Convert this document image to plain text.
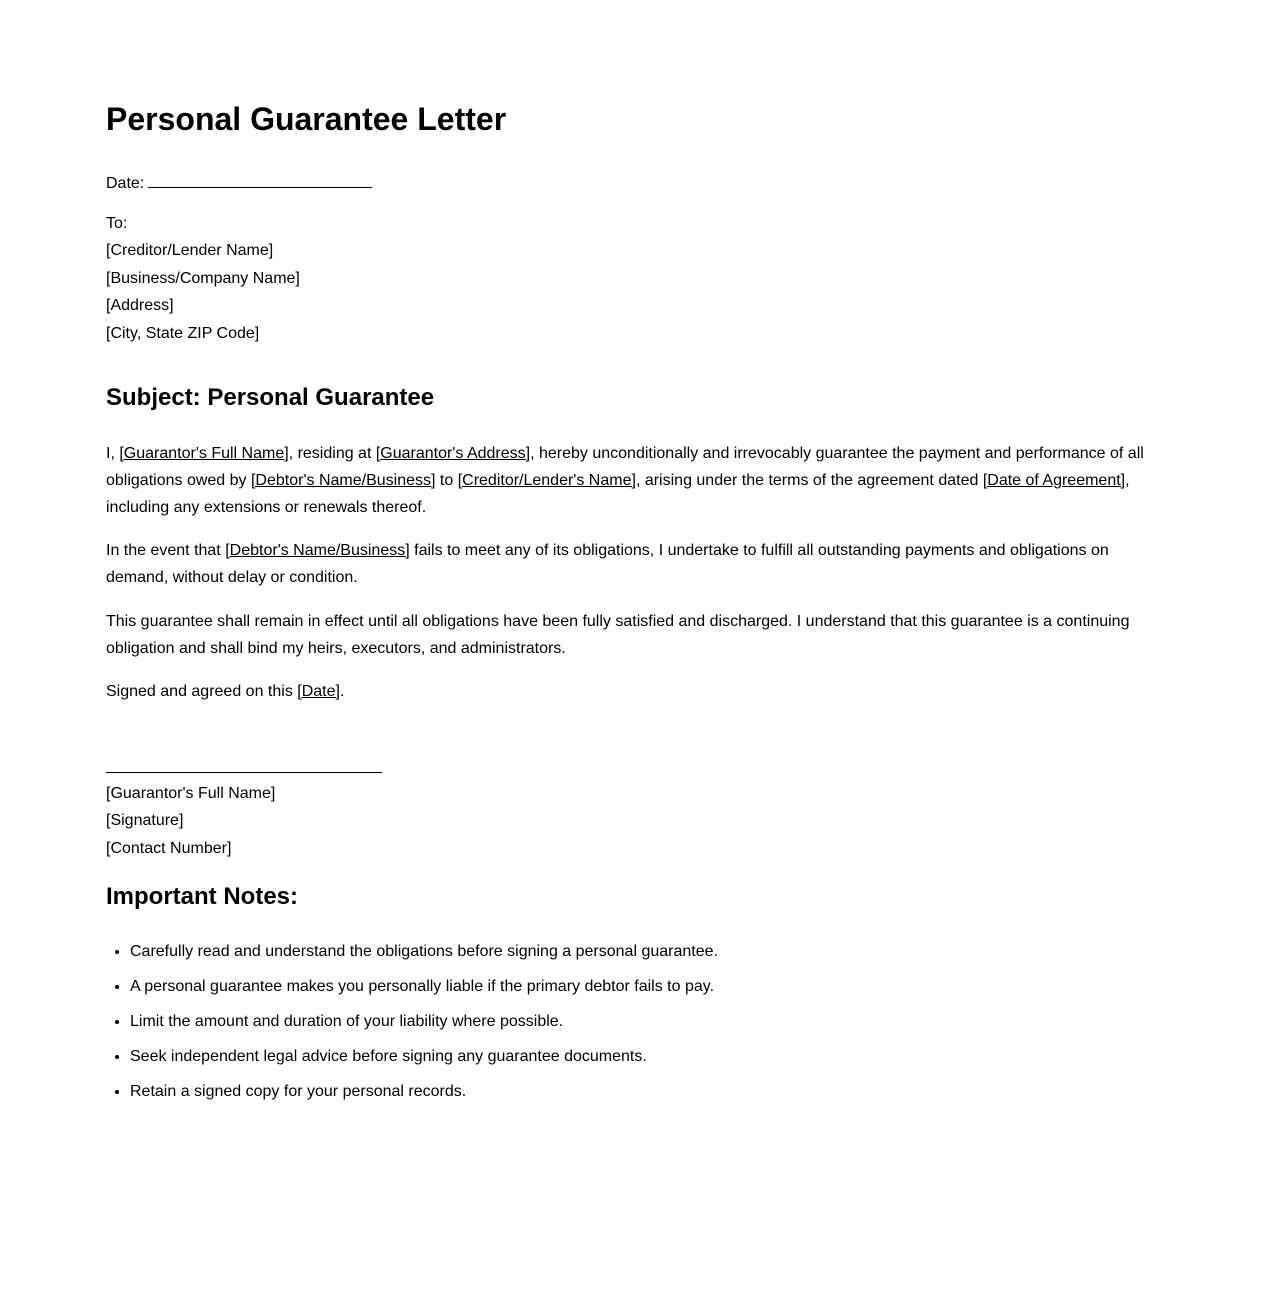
Personal Guarantee Letter
Date:
To:
[Creditor/Lender Name]
[Business/Company Name]
[Address]
[City, State ZIP Code]
Subject: Personal Guarantee

I, [Guarantor's Full Name], residing at [Guarantor's Address], hereby unconditionally and irrevocably guarantee the payment and performance of all obligations owed by [Debtor's Name/Business] to [Creditor/Lender's Name], arising under the terms of the agreement dated [Date of Agreement], including any extensions or renewals thereof.

In the event that [Debtor's Name/Business] fails to meet any of its obligations, I undertake to fulfill all outstanding payments and obligations on demand, without delay or condition.

This guarantee shall remain in effect until all obligations have been fully satisfied and discharged. I understand that this guarantee is a continuing obligation and shall bind my heirs, executors, and administrators.

Signed and agreed on this [Date].

[Guarantor's Full Name]
[Signature]
[Contact Number]
Important Notes:
• Carefully read and understand the obligations before signing a personal guarantee.
• A personal guarantee makes you personally liable if the primary debtor fails to pay.
• Limit the amount and duration of your liability where possible.
• Seek independent legal advice before signing any guarantee documents.
• Retain a signed copy for your personal records.
